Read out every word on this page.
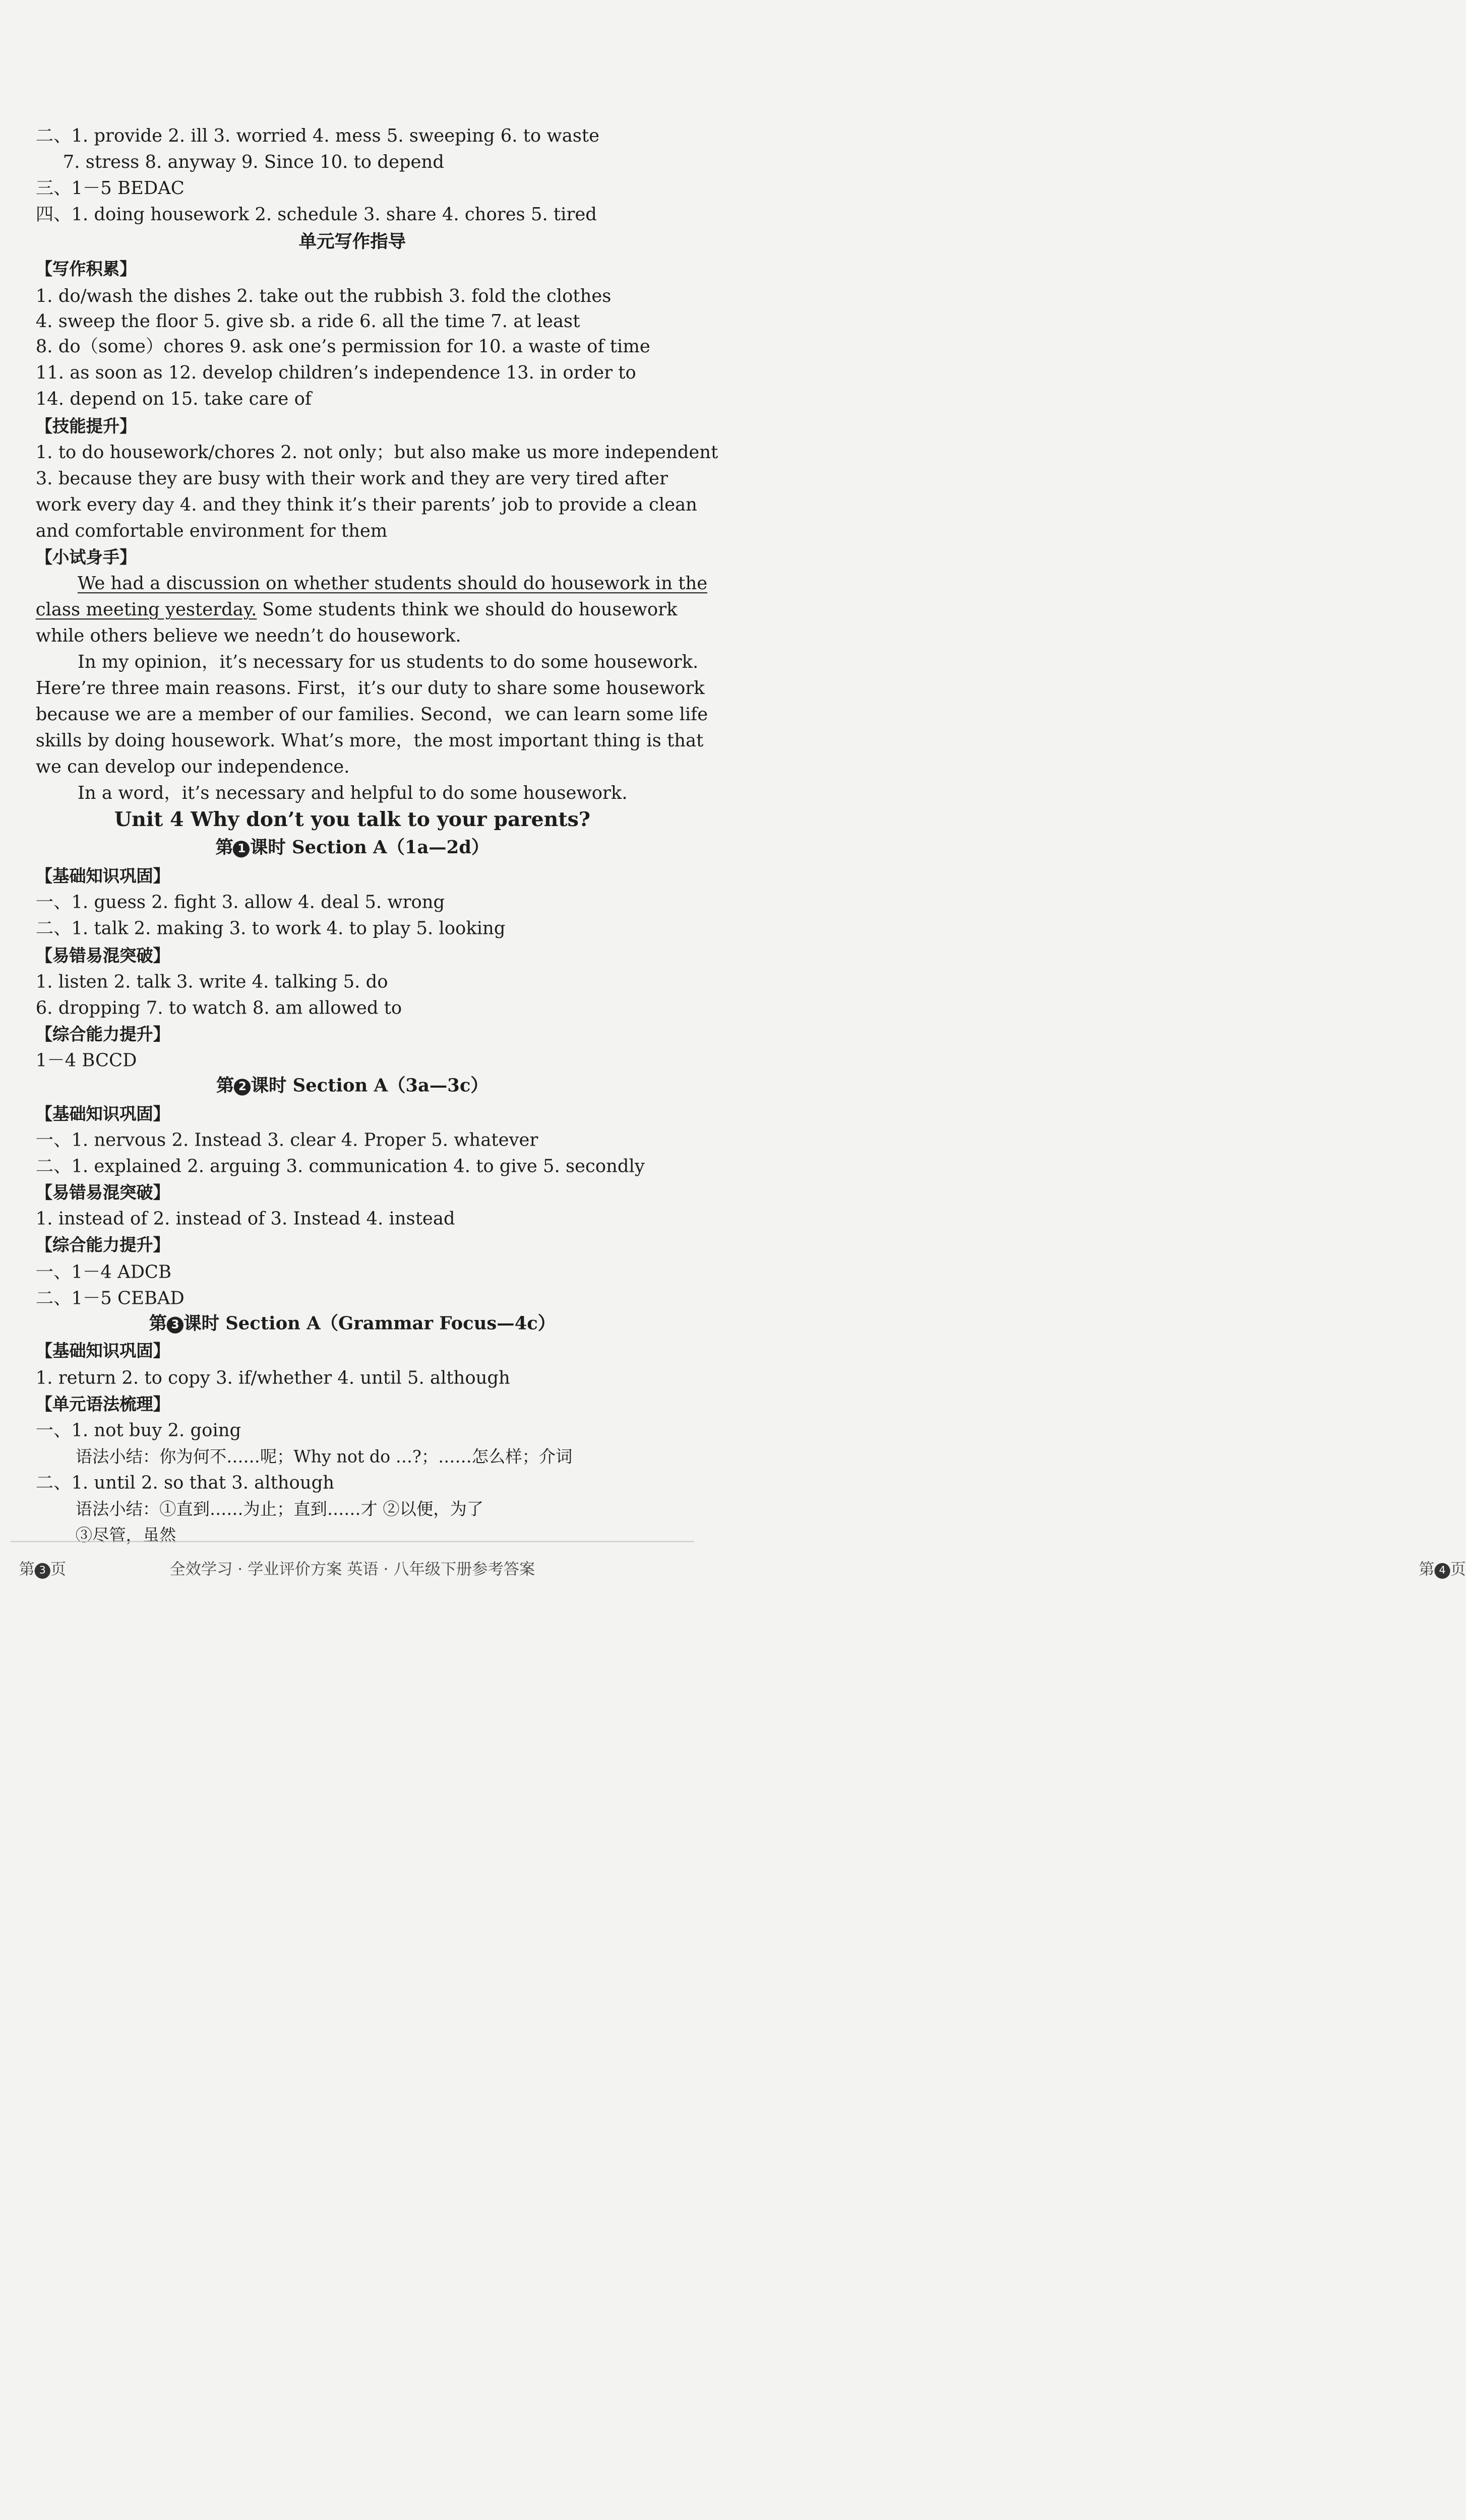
二、1. provide 2. ill 3. worried 4. mess 5. sweeping 6. to waste
7. stress 8. anyway 9. Since 10. to depend
三、1－5 BEDAC
四、1. doing housework 2. schedule 3. share 4. chores 5. tired
1. do/wash the dishes 2. take out the rubbish 3. fold the clothes
4. sweep the floor 5. give sb. a ride 6. all the time 7. at least
8. do（some）chores 9. ask one’s permission for 10. a waste of time
11. as soon as 12. develop children’s independence 13. in order to
14. depend on 15. take care of
1. to do housework/chores 2. not only；but also make us more independent
3. because they are busy with their work and they are very tired after
work every day 4. and they think it’s their parents’ job to provide a clean
and comfortable environment for them
We had a discussion on whether students should do housework in the
class meeting yesterday. Some students think we should do housework
while others believe we needn’t do housework.
In my opinion，it’s necessary for us students to do some housework.
Here’re three main reasons. First，it’s our duty to share some housework
because we are a member of our families. Second，we can learn some life
skills by doing housework. What’s more，the most important thing is that
we can develop our independence.
In a word，it’s necessary and helpful to do some housework.
一、1. guess 2. fight 3. allow 4. deal 5. wrong
二、1. talk 2. making 3. to work 4. to play 5. looking
1. listen 2. talk 3. write 4. talking 5. do
6. dropping 7. to watch 8. am allowed to
1－4 BCCD
一、1. nervous 2. Instead 3. clear 4. Proper 5. whatever
二、1. explained 2. arguing 3. communication 4. to give 5. secondly
1. instead of 2. instead of 3. Instead 4. instead
一、1－4 ADCB
二、1－5 CEBAD
1. return 2. to copy 3. if/whether 4. until 5. although
一、1. not buy 2. going
语法小结：你为何不……呢；Why not do …?；……怎么样；介词
二、1. until 2. so that 3. although
语法小结：①直到……为止；直到……才 ②以便，为了
③尽管，虽然
【写作积累】
【技能提升】
【小试身手】
【基础知识巩固】
【易错易混突破】
【综合能力提升】
【基础知识巩固】
【易错易混突破】
【综合能力提升】
【基础知识巩固】
【单元语法梳理】
单元写作指导
Unit 4 Why don’t you talk to your parents?
第 1 课时 Section A（1a—2d）
第 2 课时 Section A（3a—3c）
第 3 课时 Section A（Grammar Focus—4c）
第 3 页	全效学习 · 学业评价方案 英语 · 八年级下册参考答案	第 4 页
